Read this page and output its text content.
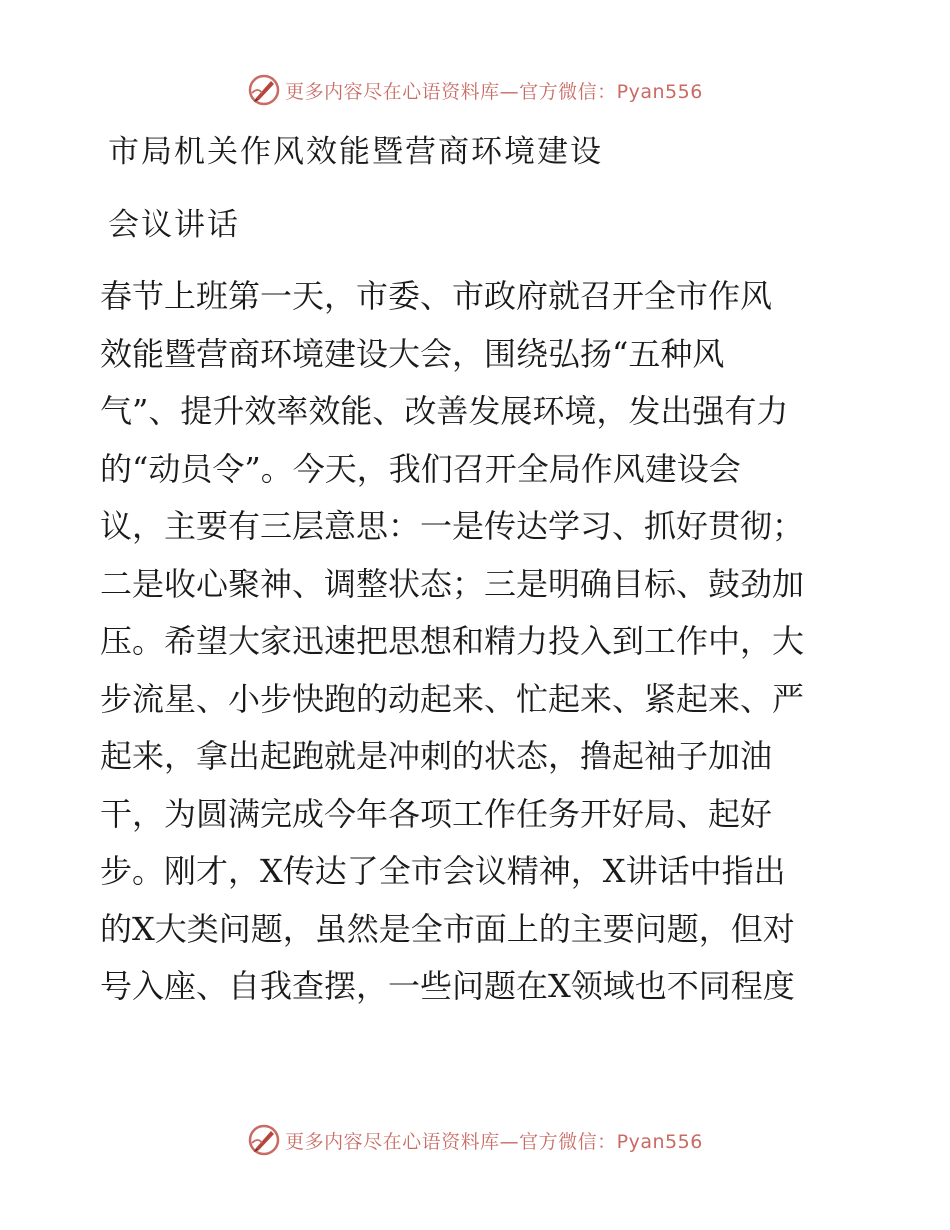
更多内容尽在心语资料库—官方微信：Pyan556
市局机关作风效能暨营商环境建设
会议讲话
春节上班第一天，市委、市政府就召开全市作风
效能暨营商环境建设大会，围绕弘扬“五种风
气”、提升效率效能、改善发展环境，发出强有力
的“动员令”。今天，我们召开全局作风建设会
议，主要有三层意思：一是传达学习、抓好贯彻；
二是收心聚神、调整状态；三是明确目标、鼓劲加
压。希望大家迅速把思想和精力投入到工作中，大
步流星、小步快跑的动起来、忙起来、紧起来、严
起来，拿出起跑就是冲刺的状态，撸起袖子加油
干，为圆满完成今年各项工作任务开好局、起好
步。刚才，X传达了全市会议精神，X讲话中指出
的X大类问题，虽然是全市面上的主要问题，但对
号入座、自我查摆，一些问题在X领域也不同程度
更多内容尽在心语资料库—官方微信：Pyan556
